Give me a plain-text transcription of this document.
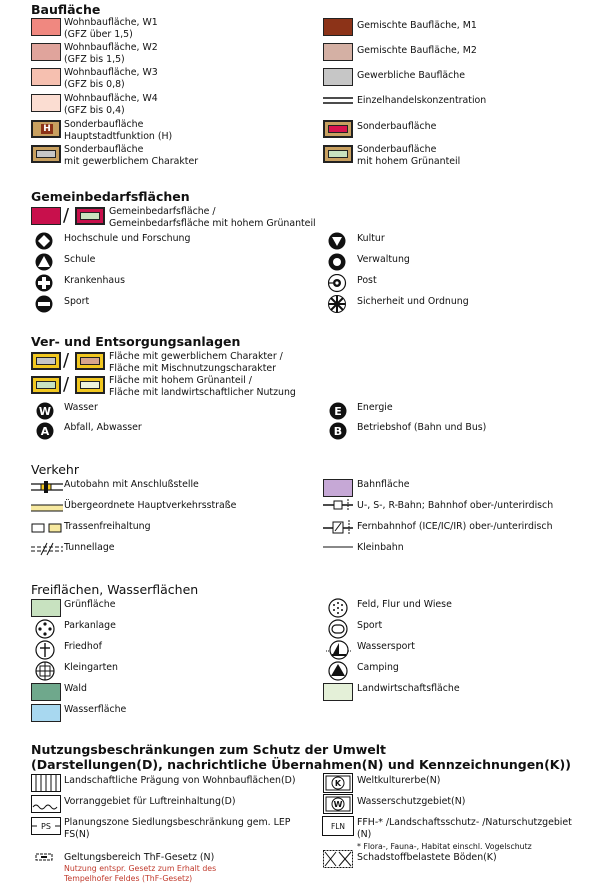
Baufläche
Wohnbaufläche, W1
(GFZ über 1,5)
Wohnbaufläche, W2
(GFZ bis 1,5)
Wohnbaufläche, W3
(GFZ bis 0,8)
Wohnbaufläche, W4
(GFZ bis 0,4)
H Sonderbaufläche
Hauptstadtfunktion (H)
Sonderbaufläche
mit gewerblichem Charakter
Gemischte Baufläche, M1
Gemischte Baufläche, M2
Gewerbliche Baufläche
Einzelhandelskonzentration
Sonderbaufläche
Sonderbaufläche
mit hohem Grünanteil
Gemeinbedarfsflächen
/	Gemeinbedarfsfläche /
Gemeinbedarfsfläche mit hohem Grünanteil
Hochschule und Forschung
Schule
Krankenhaus
Sport
Kultur
Verwaltung
Post
Sicherheit und Ordnung
Ver- und Entsorgungsanlagen
/	Fläche mit gewerblichem Charakter /
Fläche mit Mischnutzungscharakter
/	Fläche mit hohem Grünanteil /
Fläche mit landwirtschaftlicher Nutzung
W Wasser
A Abfall, Abwasser
E Energie
B Betriebshof (Bahn und Bus)
Verkehr
Autobahn mit Anschlußstelle
Übergeordnete Hauptverkehrsstraße
Trassenfreihaltung
Tunnellage
Bahnfläche
U-, S-, R-Bahn; Bahnhof ober-/unterirdisch
Fernbahnhof (ICE/IC/IR) ober-/unterirdisch
Kleinbahn
Freiflächen, Wasserflächen
Grünfläche
Parkanlage
Friedhof
Kleingarten
Wald
Wasserfläche
Feld, Flur und Wiese
Sport
Wassersport
Camping
Landwirtschaftsfläche
Nutzungsbeschränkungen zum Schutz der Umwelt
(Darstellungen(D), nachrichtliche Übernahmen(N) und Kennzeichnungen(K))
Landschaftliche Prägung von Wohnbauflächen(D)
Vorranggebiet für Luftreinhaltung(D)
PS Planungszone Siedlungsbeschränkung gem. LEP
FS(N)
Geltungsbereich ThF-Gesetz (N)
Nutzung entspr. Gesetz zum Erhalt des
Tempelhofer Feldes (ThF-Gesetz)
K Weltkulturerbe(N)
W Wasserschutzgebiet(N)
FLN FFH-* /Landschaftsschutz- /Naturschutzgebiet
(N)
* Flora-, Fauna-, Habitat einschl. Vogelschutz
Schadstoffbelastete Böden(K)
